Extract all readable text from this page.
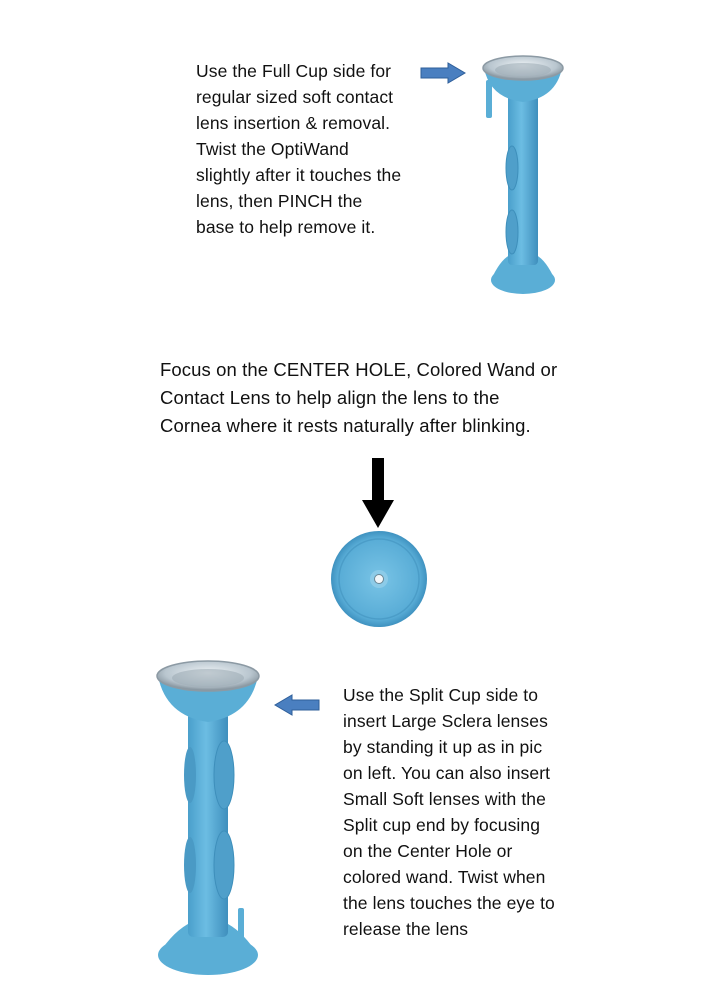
Use the Full Cup side for
regular sized soft contact
lens insertion & removal.
Twist the OptiWand
slightly after it touches the
lens, then PINCH the
base to help remove it.
Focus on the CENTER HOLE, Colored Wand or
Contact Lens to help align the lens to the
Cornea where it rests naturally after blinking.
Use the Split Cup side to
insert Large Sclera lenses
by standing it up as in pic
on left. You can also insert
Small Soft lenses with the
Split cup end by focusing
on the Center Hole or
colored wand. Twist when
the lens touches the eye to
release the lens
